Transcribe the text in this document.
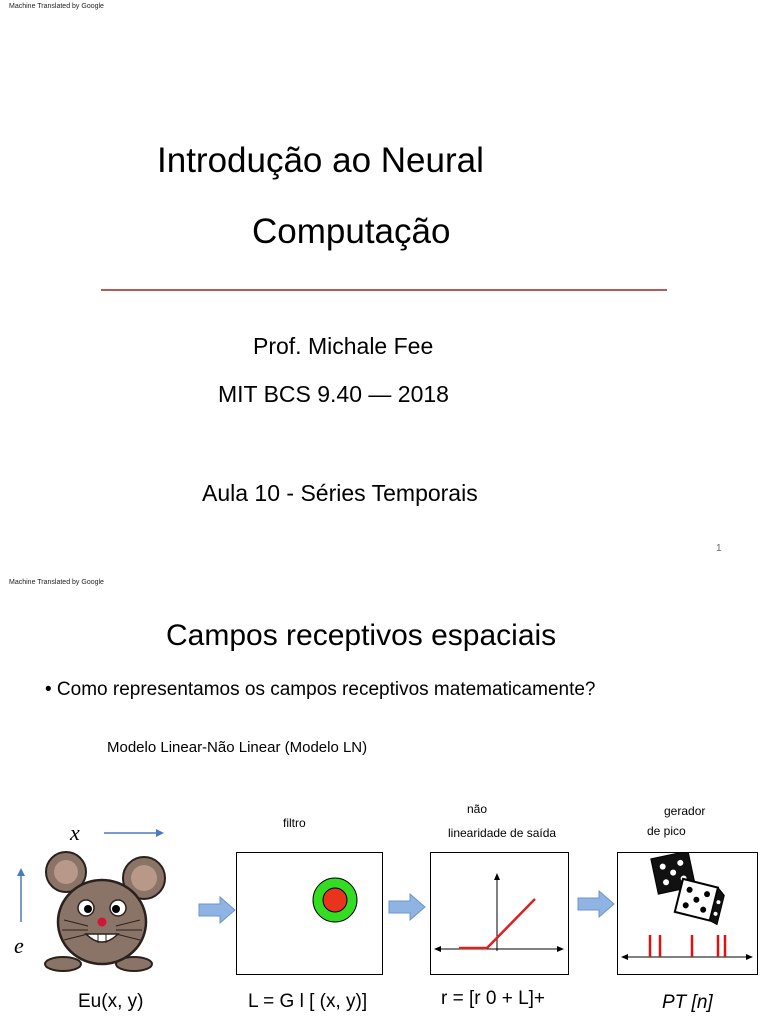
Machine Translated by Google
Introdução ao Neural
Computação
Prof. Michale Fee
MIT BCS 9.40 — 2018
Aula 10 - Séries Temporais
1
Machine Translated by Google
Campos receptivos espaciais
• Como representamos os campos receptivos matematicamente?
Modelo Linear-Não Linear (Modelo LN)
x
e
filtro
não
linearidade de saída
gerador
de pico
Eu(x, y)	L = G l [ (x, y)]	r = [r 0 + L]+	PT [n]
